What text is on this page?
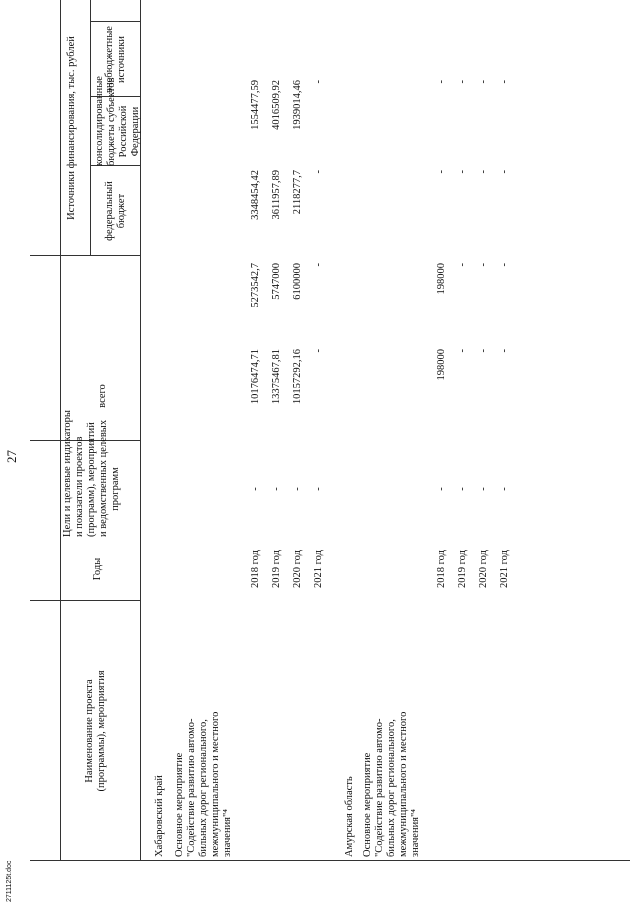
27
Наименование проекта (программы), мероприятия
Годы
Цели и целевые индикаторы и показатели проектов (программ), мероприятий и ведомственных целевых программ
Источники финансирования, тыс. рублей
всего
федеральный бюджет
консолидированные бюджеты субъектов Российской Федерации
внебюджетные источники
Хабаровский край Основное мероприятие "Содействие развитию автомо- бильных дорог регионального, межмуниципального и местного значения"⁴	Амурская область Основное мероприятие "Содействие развитию автомо- бильных дорог регионального, межмуниципального и местного значения"⁴
2018 год
-
10176474,71
5273542,7
3348454,42
1554477,59
2019 год
-
13375467,81
5747000
3611957,89
4016509,92
2020 год
-
10157292,16
6100000
2118277,7
1939014,46
2021 год
-
-
-
-
-
2018 год
-
198000
198000
-
-
2019 год
-
-
-
-
-
2020 год
-
-
-
-
-
2021 год
-
-
-
-
-
2711125t.doc
